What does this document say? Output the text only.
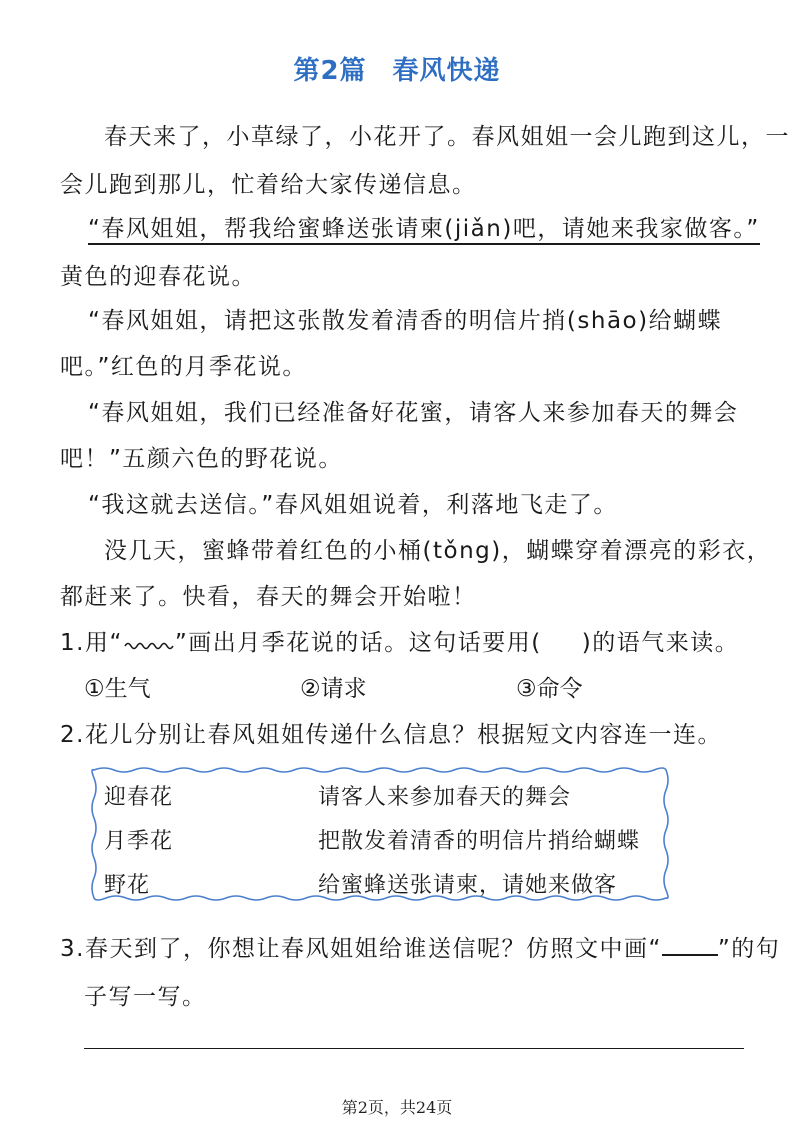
第2篇 春风快递
春天来了，小草绿了，小花开了。春风姐姐一会儿跑到这儿，一
会儿跑到那儿，忙着给大家传递信息。
“春风姐姐，帮我给蜜蜂送张请柬(jiǎn)吧，请她来我家做客。”
黄色的迎春花说。
“春风姐姐，请把这张散发着清香的明信片捎(shāo)给蝴蝶
吧。”红色的月季花说。
“春风姐姐，我们已经准备好花蜜，请客人来参加春天的舞会
吧！”五颜六色的野花说。
“我这就去送信。”春风姐姐说着，利落地飞走了。
没几天，蜜蜂带着红色的小桶(tǒng)，蝴蝶穿着漂亮的彩衣，
都赶来了。快看，春天的舞会开始啦！
1.用“ ”画出月季花说的话。这句话要用( )的语气来读。
①生气	②请求	③命令
2.花儿分别让春风姐姐传递什么信息？根据短文内容连一连。
迎春花
月季花
野花
请客人来参加春天的舞会
把散发着清香的明信片捎给蝴蝶
给蜜蜂送张请柬，请她来做客
3.春天到了，你想让春风姐姐给谁送信呢？仿照文中画“ ”的句
子写一写。
第2页，共24页
